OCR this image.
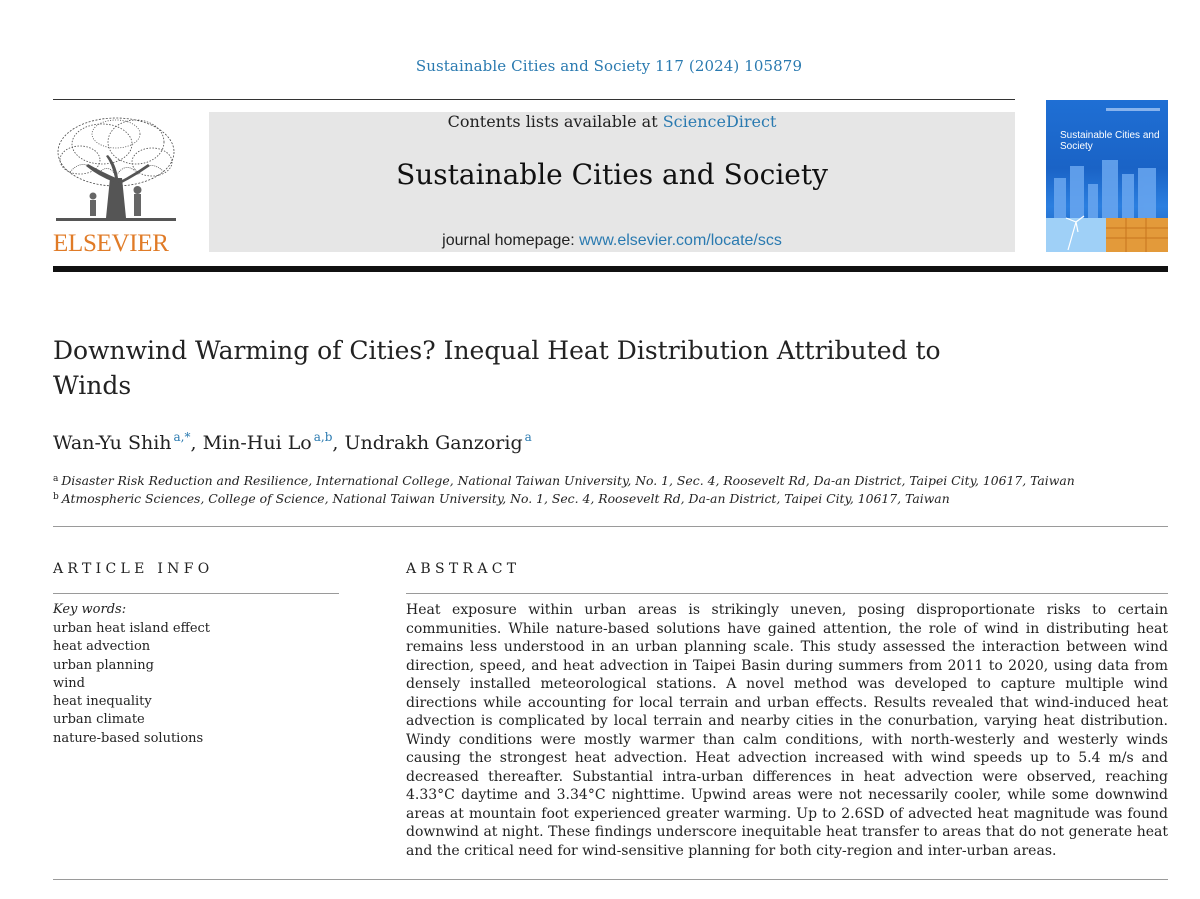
Sustainable Cities and Society 117 (2024) 105879
ELSEVIER
Contents lists available at ScienceDirect
Sustainable Cities and Society
journal homepage: www.elsevier.com/locate/scs
Sustainable Cities and Society
Downwind Warming of Cities? Inequal Heat Distribution Attributed to Winds
Wan-Yu Shih $^{a,*}$, Min-Hui Lo $^{a,b}$, Undrakh Ganzorig $^a$
$^a$ Disaster Risk Reduction and Resilience, International College, National Taiwan University, No. 1, Sec. 4, Roosevelt Rd, Da-an District, Taipei City, 10617, Taiwan
$^b$ Atmospheric Sciences, College of Science, National Taiwan University, No. 1, Sec. 4, Roosevelt Rd, Da-an District, Taipei City, 10617, Taiwan
ARTICLE INFO
Key words:
urban heat island effect
heat advection
urban planning
wind
heat inequality
urban climate
nature-based solutions
ABSTRACT

Heat exposure within urban areas is strikingly uneven, posing disproportionate risks to certain communities. While nature-based solutions have gained attention, the role of wind in distributing heat remains less understood in an urban planning scale. This study assessed the interaction between wind direction, speed, and heat advection in Taipei Basin during summers from 2011 to 2020, using data from densely installed meteorological stations. A novel method was developed to capture multiple wind directions while accounting for local terrain and urban effects. Results revealed that wind-induced heat advection is complicated by local terrain and nearby cities in the conurbation, varying heat distribution. Windy conditions were mostly warmer than calm conditions, with north-westerly and westerly winds causing the strongest heat advection. Heat advection increased with wind speeds up to 5.4 m/s and decreased thereafter. Substantial intra-urban differences in heat advection were observed, reaching 4.33°C daytime and 3.34°C nighttime. Upwind areas were not necessarily cooler, while some downwind areas at mountain foot experienced greater warming. Up to 2.6SD of advected heat magnitude was found downwind at night. These findings underscore inequitable heat transfer to areas that do not generate heat and the critical need for wind-sensitive planning for both city-region and inter-urban areas.
